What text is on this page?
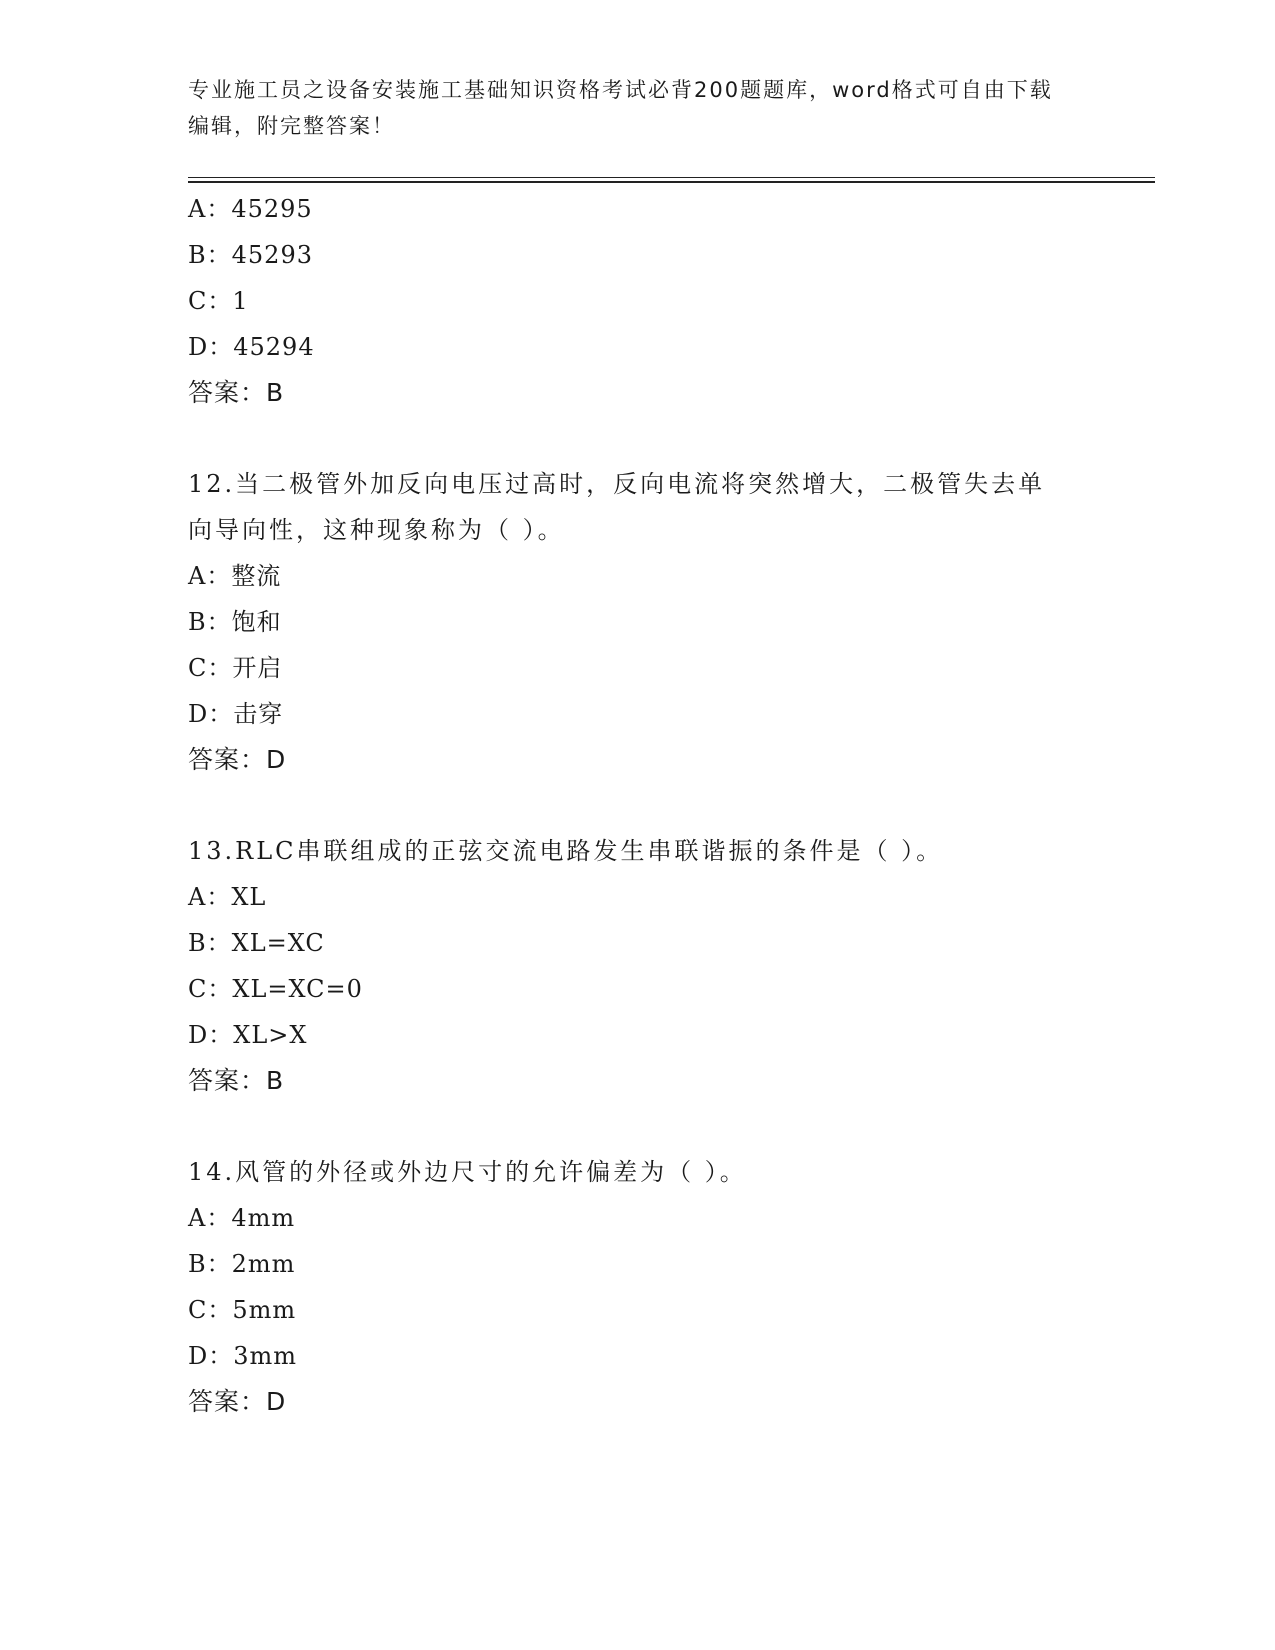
专业施工员之设备安装施工基础知识资格考试必背200题题库，word格式可自由下载编辑，附完整答案！
A：45295
B：45293
C：1
D：45294
答案：B
12.当二极管外加反向电压过高时，反向电流将突然增大，二极管失去单向导向性，这种现象称为（ ）。
A：整流
B：饱和
C：开启
D：击穿
答案：D
13.RLC串联组成的正弦交流电路发生串联谐振的条件是（ ）。
A：XL
B：XL=XC
C：XL=XC=0
D：XL>X
答案：B
14.风管的外径或外边尺寸的允许偏差为（ ）。
A：4mm
B：2mm
C：5mm
D：3mm
答案：D
